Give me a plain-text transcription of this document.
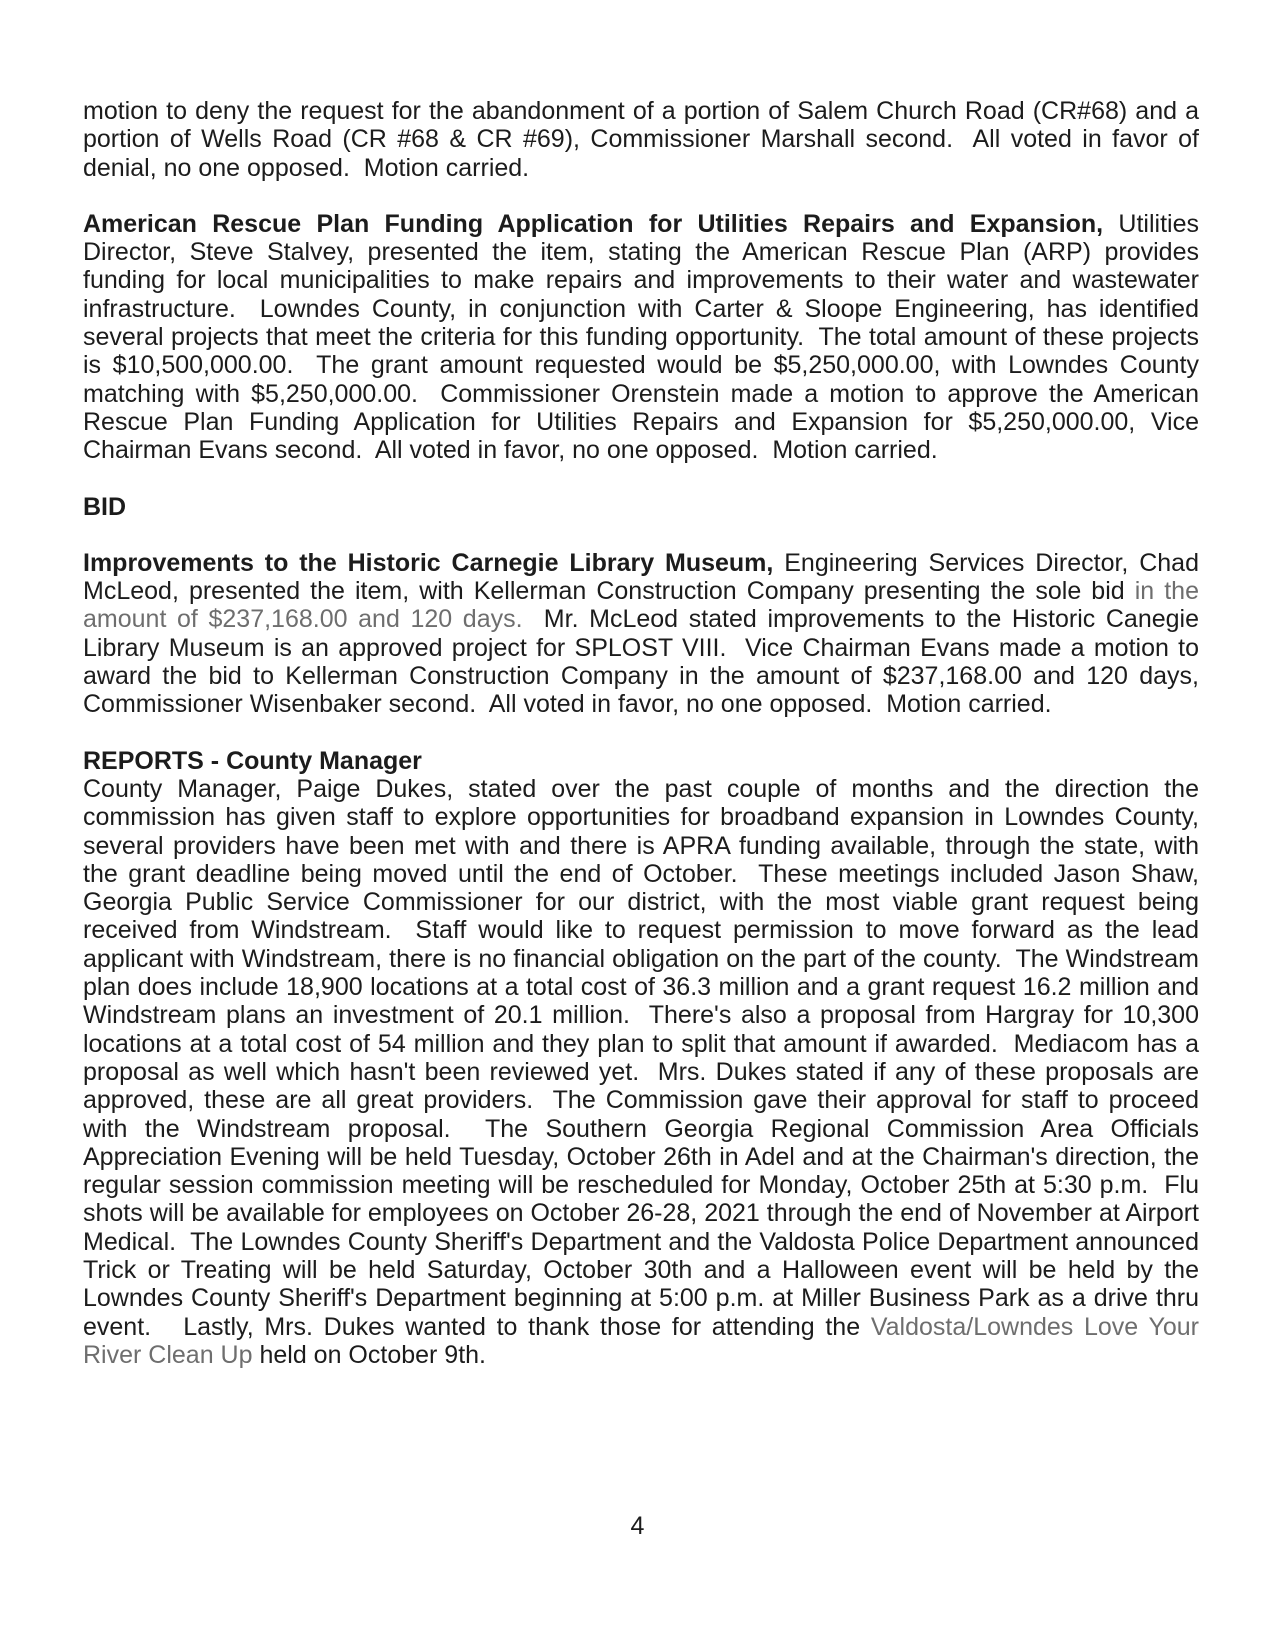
motion to deny the request for the abandonment of a portion of Salem Church Road (CR#68) and a portion of Wells Road (CR #68 & CR #69), Commissioner Marshall second.  All voted in favor of denial, no one opposed.  Motion carried.

American Rescue Plan Funding Application for Utilities Repairs and Expansion, Utilities Director, Steve Stalvey, presented the item, stating the American Rescue Plan (ARP) provides funding for local municipalities to make repairs and improvements to their water and wastewater infrastructure.  Lowndes County, in conjunction with Carter & Sloope Engineering, has identified several projects that meet the criteria for this funding opportunity.  The total amount of these projects is $10,500,000.00.  The grant amount requested would be $5,250,000.00, with Lowndes County matching with $5,250,000.00.  Commissioner Orenstein made a motion to approve the American Rescue Plan Funding Application for Utilities Repairs and Expansion for $5,250,000.00, Vice Chairman Evans second.  All voted in favor, no one opposed.  Motion carried.

BID

Improvements to the Historic Carnegie Library Museum, Engineering Services Director, Chad McLeod, presented the item, with Kellerman Construction Company presenting the sole bid in the amount of $237,168.00 and 120 days.  Mr. McLeod stated improvements to the Historic Canegie Library Museum is an approved project for SPLOST VIII.  Vice Chairman Evans made a motion to award the bid to Kellerman Construction Company in the amount of $237,168.00 and 120 days, Commissioner Wisenbaker second.  All voted in favor, no one opposed.  Motion carried.

REPORTS - County Manager

County Manager, Paige Dukes, stated over the past couple of months and the direction the commission has given staff to explore opportunities for broadband expansion in Lowndes County, several providers have been met with and there is APRA funding available, through the state, with the grant deadline being moved until the end of October.  These meetings included Jason Shaw, Georgia Public Service Commissioner for our district, with the most viable grant request being received from Windstream.  Staff would like to request permission to move forward as the lead applicant with Windstream, there is no financial obligation on the part of the county.  The Windstream plan does include 18,900 locations at a total cost of 36.3 million and a grant request 16.2 million and Windstream plans an investment of 20.1 million.  There's also a proposal from Hargray for 10,300 locations at a total cost of 54 million and they plan to split that amount if awarded.  Mediacom has a proposal as well which hasn't been reviewed yet.  Mrs. Dukes stated if any of these proposals are approved, these are all great providers.  The Commission gave their approval for staff to proceed with the Windstream proposal.  The Southern Georgia Regional Commission Area Officials Appreciation Evening will be held Tuesday, October 26th in Adel and at the Chairman's direction, the regular session commission meeting will be rescheduled for Monday, October 25th at 5:30 p.m.  Flu shots will be available for employees on October 26-28, 2021 through the end of November at Airport Medical.  The Lowndes County Sheriff's Department and the Valdosta Police Department announced Trick or Treating will be held Saturday, October 30th and a Halloween event will be held by the Lowndes County Sheriff's Department beginning at 5:00 p.m. at Miller Business Park as a drive thru event.   Lastly, Mrs. Dukes wanted to thank those for attending the Valdosta/Lowndes Love Your River Clean Up held on October 9th.

4
